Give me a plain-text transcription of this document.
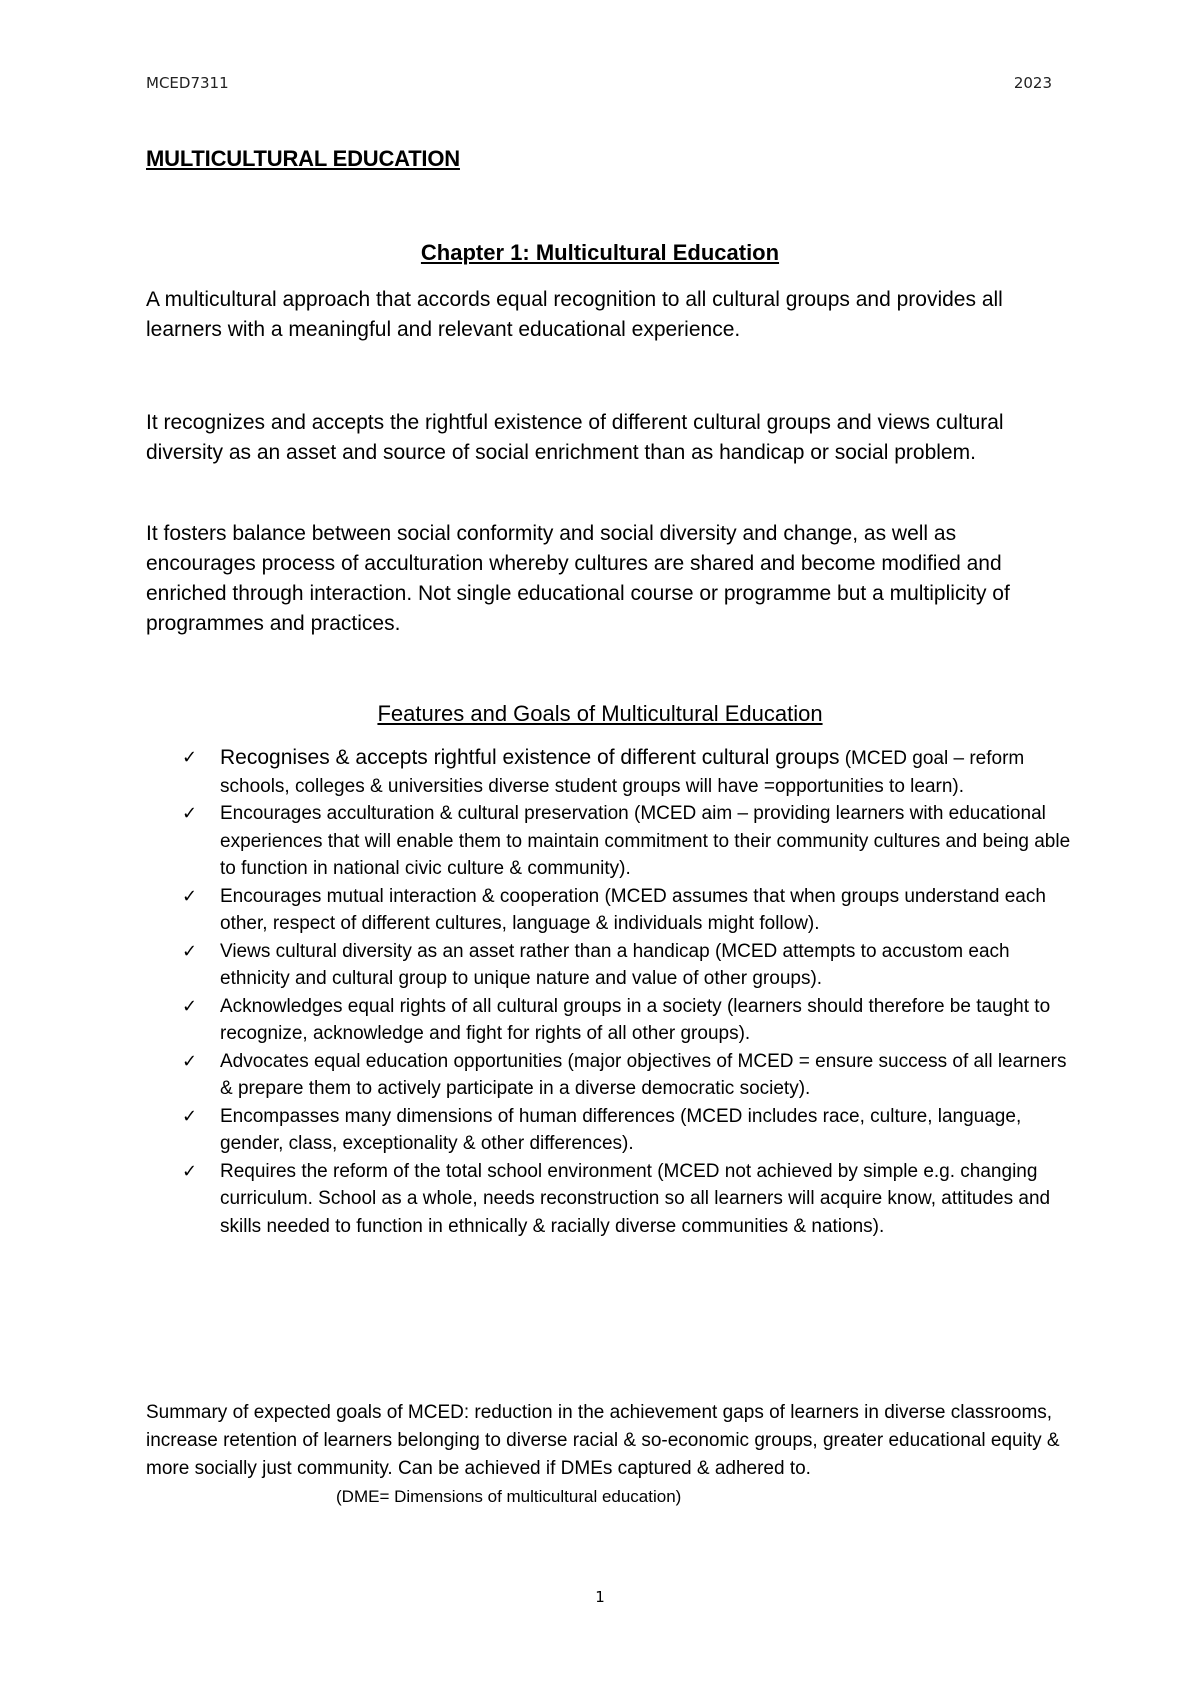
MCED7311	2023
MULTICULTURAL EDUCATION
Chapter 1: Multicultural Education

A multicultural approach that accords equal recognition to all cultural groups and provides all learners with a meaningful and relevant educational experience.

It recognizes and accepts the rightful existence of different cultural groups and views cultural diversity as an asset and source of social enrichment than as handicap or social problem.

It fosters balance between social conformity and social diversity and change, as well as encourages process of acculturation whereby cultures are shared and become modified and enriched through interaction. Not single educational course or programme but a multiplicity of programmes and practices.

Features and Goals of Multicultural Education
✓ Recognises & accepts rightful existence of different cultural groups (MCED goal – reform schools, colleges & universities diverse student groups will have =opportunities to learn).
✓ Encourages acculturation & cultural preservation (MCED aim – providing learners with educational experiences that will enable them to maintain commitment to their community cultures and being able to function in national civic culture & community).
✓ Encourages mutual interaction & cooperation (MCED assumes that when groups understand each other, respect of different cultures, language & individuals might follow).
✓ Views cultural diversity as an asset rather than a handicap (MCED attempts to accustom each ethnicity and cultural group to unique nature and value of other groups).
✓ Acknowledges equal rights of all cultural groups in a society (learners should therefore be taught to recognize, acknowledge and fight for rights of all other groups).
✓ Advocates equal education opportunities (major objectives of MCED = ensure success of all learners & prepare them to actively participate in a diverse democratic society).
✓ Encompasses many dimensions of human differences (MCED includes race, culture, language, gender, class, exceptionality & other differences).
✓ Requires the reform of the total school environment (MCED not achieved by simple e.g. changing curriculum. School as a whole, needs reconstruction so all learners will acquire know, attitudes and skills needed to function in ethnically & racially diverse communities & nations).

Summary of expected goals of MCED: reduction in the achievement gaps of learners in diverse classrooms, increase retention of learners belonging to diverse racial & so-economic groups, greater educational equity & more socially just community. Can be achieved if DMEs captured & adhered to.(DME= Dimensions of multicultural education)

1
